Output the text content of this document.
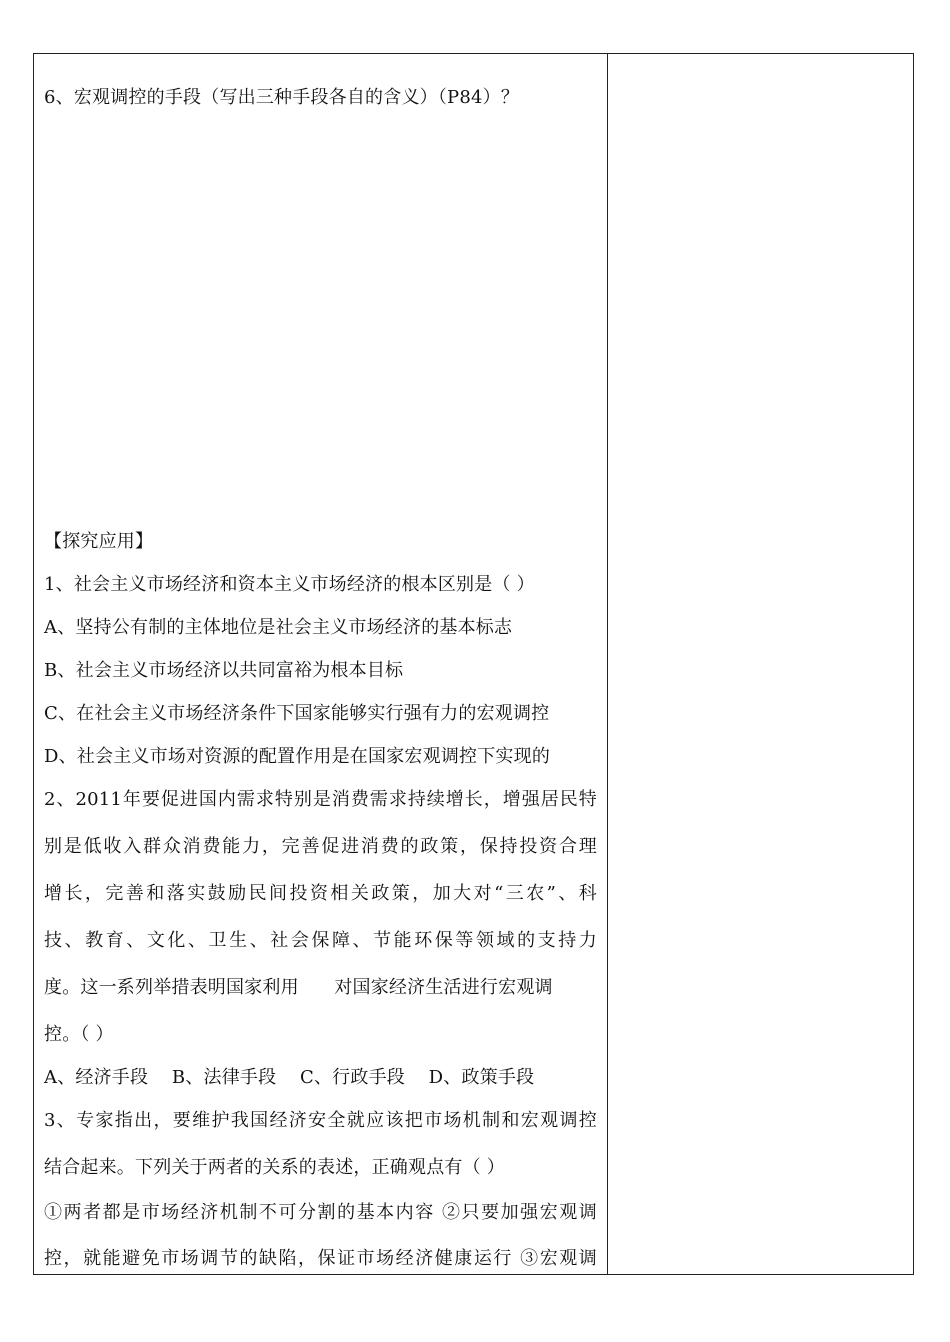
6、宏观调控的手段（写出三种手段各自的含义）（P84）？
【探究应用】
1、社会主义市场经济和资本主义市场经济的根本区别是（ ）
A、坚持公有制的主体地位是社会主义市场经济的基本标志
B、社会主义市场经济以共同富裕为根本目标
C、在社会主义市场经济条件下国家能够实行强有力的宏观调控
D、社会主义市场对资源的配置作用是在国家宏观调控下实现的
2、2011年要促进国内需求特别是消费需求持续增长，增强居民特
别是低收入群众消费能力，完善促进消费的政策，保持投资合理
增长，完善和落实鼓励民间投资相关政策，加大对“三农”、科
技、教育、文化、卫生、社会保障、节能环保等领域的支持力
度。这一系列举措表明国家利用      对国家经济生活进行宏观调
控。（ ）
A、经济手段    B、法律手段    C、行政手段    D、政策手段
3、专家指出，要维护我国经济安全就应该把市场机制和宏观调控
结合起来。下列关于两者的关系的表述，正确观点有（ ）
①两者都是市场经济机制不可分割的基本内容 ②只要加强宏观调
控，就能避免市场调节的缺陷，保证市场经济健康运行 ③宏观调
